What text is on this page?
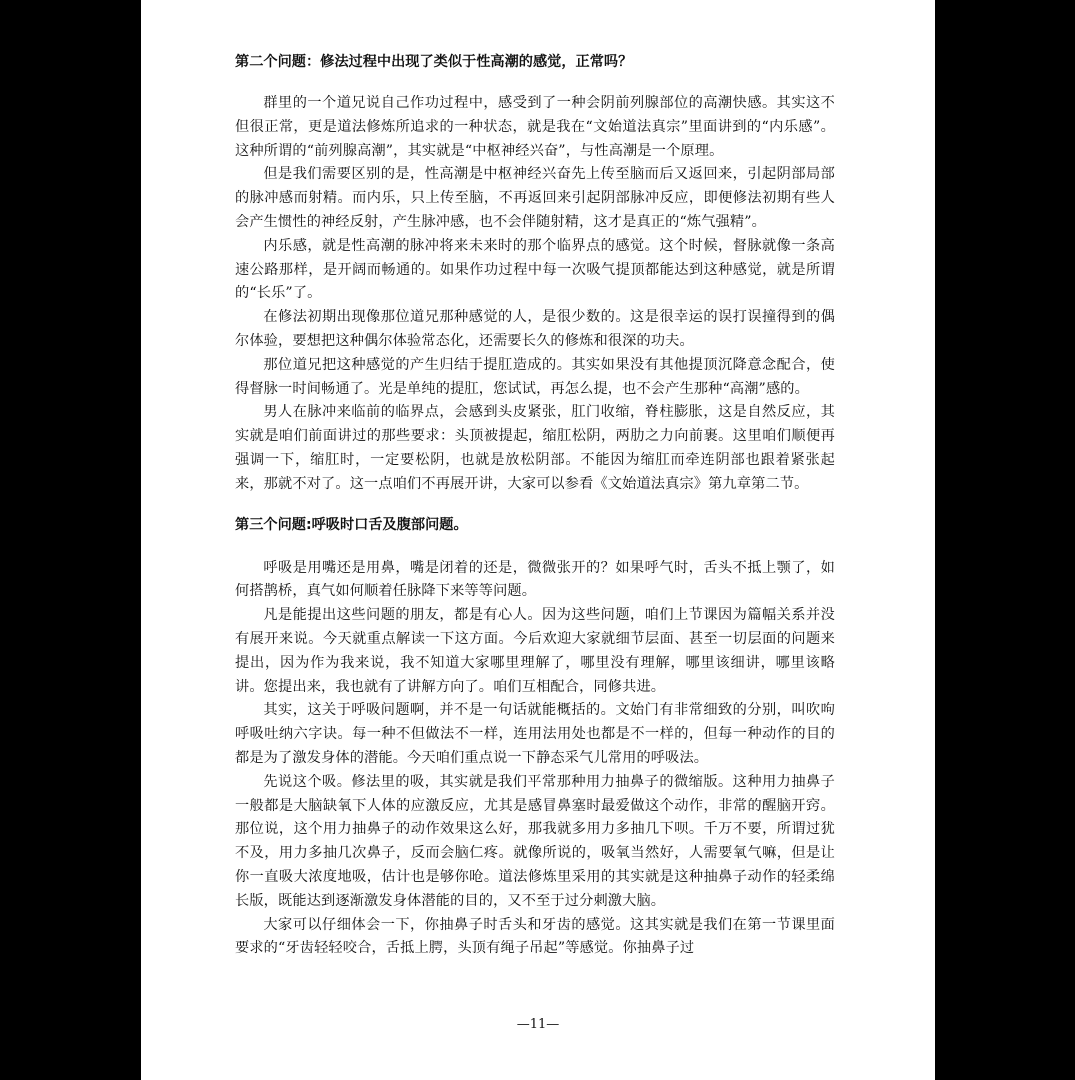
第二个问题：修法过程中出现了类似于性高潮的感觉，正常吗？

群里的一个道兄说自己作功过程中，感受到了一种会阴前列腺部位的高潮快感。其实这不但很正常，更是道法修炼所追求的一种状态，就是我在“文始道法真宗”里面讲到的“内乐感”。这种所谓的“前列腺高潮”，其实就是“中枢神经兴奋”，与性高潮是一个原理。

但是我们需要区别的是，性高潮是中枢神经兴奋先上传至脑而后又返回来，引起阴部局部的脉冲感而射精。而内乐，只上传至脑，不再返回来引起阴部脉冲反应，即便修法初期有些人会产生惯性的神经反射，产生脉冲感，也不会伴随射精，这才是真正的“炼气强精”。

内乐感，就是性高潮的脉冲将来未来时的那个临界点的感觉。这个时候，督脉就像一条高速公路那样，是开阔而畅通的。如果作功过程中每一次吸气提顶都能达到这种感觉，就是所谓的“长乐”了。

在修法初期出现像那位道兄那种感觉的人，是很少数的。这是很幸运的误打误撞得到的偶尔体验，要想把这种偶尔体验常态化，还需要长久的修炼和很深的功夫。

那位道兄把这种感觉的产生归结于提肛造成的。其实如果没有其他提顶沉降意念配合，使得督脉一时间畅通了。光是单纯的提肛，您试试，再怎么提，也不会产生那种“高潮”感的。

男人在脉冲来临前的临界点，会感到头皮紧张，肛门收缩，脊柱膨胀，这是自然反应，其实就是咱们前面讲过的那些要求：头顶被提起，缩肛松阴，两肋之力向前裹。这里咱们顺便再强调一下，缩肛时，一定要松阴，也就是放松阴部。不能因为缩肛而牵连阴部也跟着紧张起来，那就不对了。这一点咱们不再展开讲，大家可以参看《文始道法真宗》第九章第二节。

第三个问题:呼吸时口舌及腹部问题。

呼吸是用嘴还是用鼻，嘴是闭着的还是，微微张开的？如果呼气时，舌头不抵上颚了，如何搭鹊桥，真气如何顺着任脉降下来等等问题。

凡是能提出这些问题的朋友，都是有心人。因为这些问题，咱们上节课因为篇幅关系并没有展开来说。今天就重点解读一下这方面。今后欢迎大家就细节层面、甚至一切层面的问题来提出，因为作为我来说，我不知道大家哪里理解了，哪里没有理解，哪里该细讲，哪里该略讲。您提出来，我也就有了讲解方向了。咱们互相配合，同修共进。

其实，这关于呼吸问题啊，并不是一句话就能概括的。文始门有非常细致的分别，叫吹呴呼吸吐纳六字诀。每一种不但做法不一样，连用法用处也都是不一样的，但每一种动作的目的都是为了激发身体的潜能。今天咱们重点说一下静态采气儿常用的呼吸法。

先说这个吸。修法里的吸，其实就是我们平常那种用力抽鼻子的微缩版。这种用力抽鼻子一般都是大脑缺氧下人体的应激反应，尤其是感冒鼻塞时最爱做这个动作，非常的醒脑开窍。那位说，这个用力抽鼻子的动作效果这么好，那我就多用力多抽几下呗。千万不要，所谓过犹不及，用力多抽几次鼻子，反而会脑仁疼。就像所说的，吸氧当然好，人需要氧气嘛，但是让你一直吸大浓度地吸，估计也是够你呛。道法修炼里采用的其实就是这种抽鼻子动作的轻柔绵长版，既能达到逐渐激发身体潜能的目的，又不至于过分刺激大脑。

大家可以仔细体会一下，你抽鼻子时舌头和牙齿的感觉。这其实就是我们在第一节课里面要求的“牙齿轻轻咬合，舌抵上腭，头顶有绳子吊起”等感觉。你抽鼻子过

—11—
